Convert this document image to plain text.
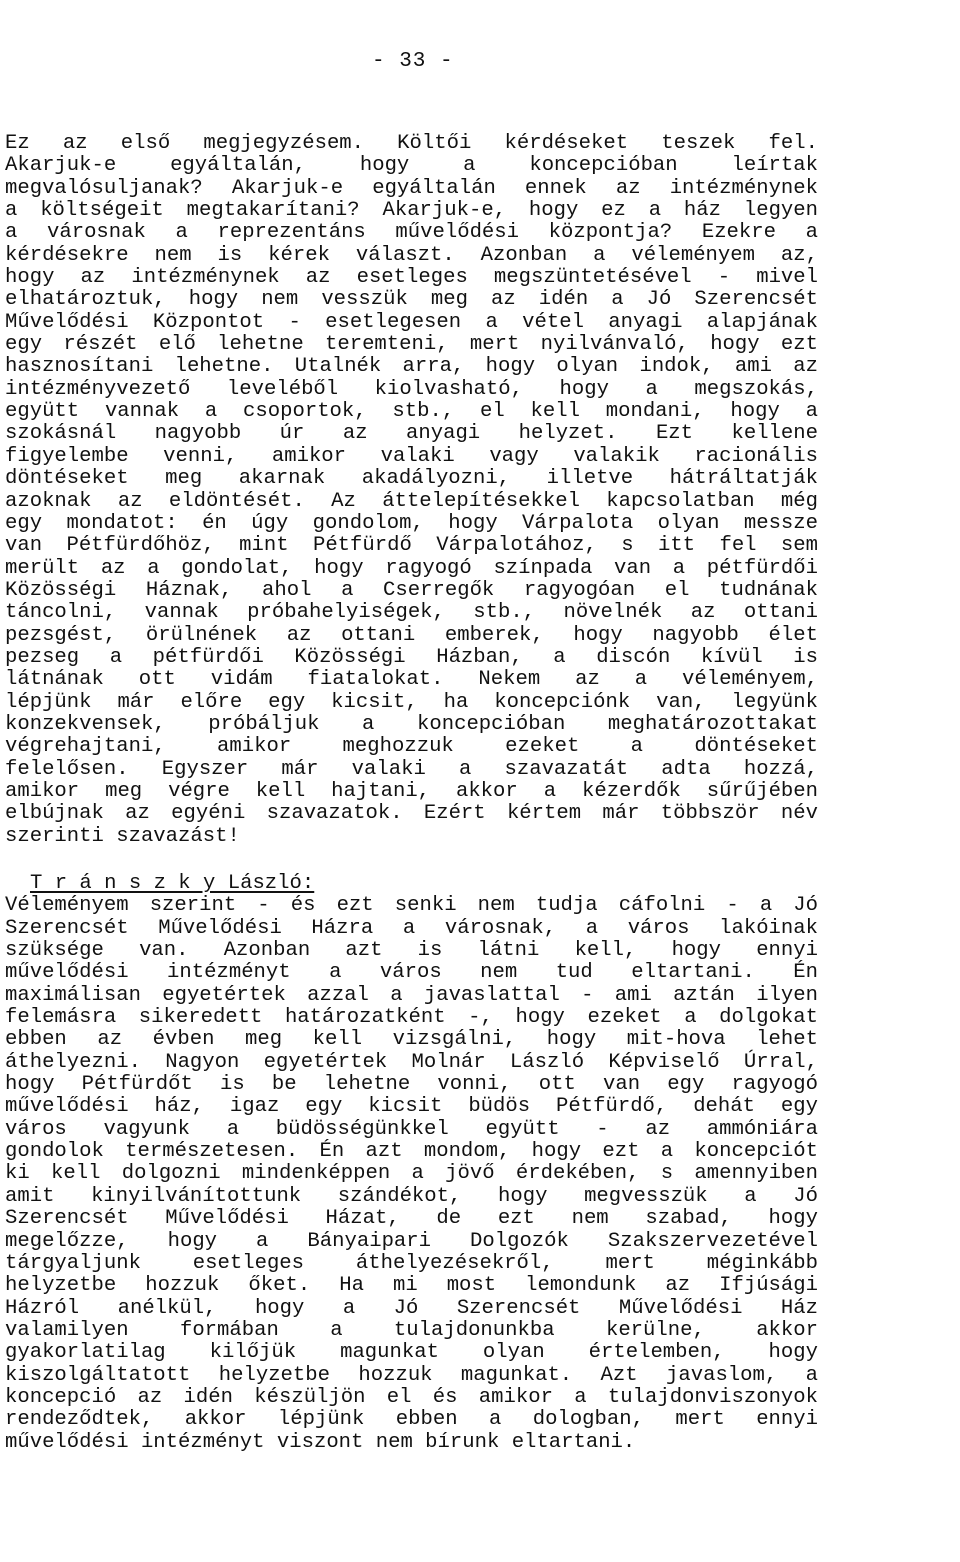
- 33 -
Ez az első megjegyzésem. Költői kérdéseket teszek fel.
Akarjuk-e egyáltalán, hogy a koncepcióban leírtak
megvalósuljanak? Akarjuk-e egyáltalán ennek az intézménynek
a költségeit megtakarítani? Akarjuk-e, hogy ez a ház legyen
a városnak a reprezentáns művelődési központja? Ezekre a
kérdésekre nem is kérek választ. Azonban a véleményem az,
hogy az intézménynek az esetleges megszüntetésével - mivel
elhatároztuk, hogy nem vesszük meg az idén a Jó Szerencsét
Művelődési Központot - esetlegesen a vétel anyagi alapjának
egy részét elő lehetne teremteni, mert nyilvánvaló, hogy ezt
hasznosítani lehetne. Utalnék arra, hogy olyan indok, ami az
intézményvezető leveléből kiolvasható, hogy a megszokás,
együtt vannak a csoportok, stb., el kell mondani, hogy a
szokásnál nagyobb úr az anyagi helyzet. Ezt kellene
figyelembe venni, amikor valaki vagy valakik racionális
döntéseket meg akarnak akadályozni, illetve hátráltatják
azoknak az eldöntését. Az áttelepítésekkel kapcsolatban még
egy mondatot: én úgy gondolom, hogy Várpalota olyan messze
van Pétfürdőhöz, mint Pétfürdő Várpalotához, s itt fel sem
merült az a gondolat, hogy ragyogó színpada van a pétfürdői
Közösségi Háznak, ahol a Cserregők ragyogóan el tudnának
táncolni, vannak próbahelyiségek, stb., növelnék az ottani
pezsgést, örülnének az ottani emberek, hogy nagyobb élet
pezseg a pétfürdői Közösségi Házban, a discón kívül is
látnának ott vidám fiatalokat. Nekem az a véleményem,
lépjünk már előre egy kicsit, ha koncepciónk van, legyünk
konzekvensek, próbáljuk a koncepcióban meghatározottakat
végrehajtani, amikor meghozzuk ezeket a döntéseket
felelősen. Egyszer már valaki a szavazatát adta hozzá,
amikor meg végre kell hajtani, akkor a kézerdők sűrűjében
elbújnak az egyéni szavazatok. Ezért kértem már többször név
szerinti szavazást!
T r á n s z k y László:
Véleményem szerint - és ezt senki nem tudja cáfolni - a Jó
Szerencsét Művelődési Házra a városnak, a város lakóinak
szüksége van. Azonban azt is látni kell, hogy ennyi
művelődési intézményt a város nem tud eltartani. Én
maximálisan egyetértek azzal a javaslattal - ami aztán ilyen
felemásra sikeredett határozatként -, hogy ezeket a dolgokat
ebben az évben meg kell vizsgálni, hogy mit-hova lehet
áthelyezni. Nagyon egyetértek Molnár László Képviselő Úrral,
hogy Pétfürdőt is be lehetne vonni, ott van egy ragyogó
művelődési ház, igaz egy kicsit büdös Pétfürdő, dehát egy
város vagyunk a büdösségünkkel együtt - az ammóniára
gondolok természetesen. Én azt mondom, hogy ezt a koncepciót
ki kell dolgozni mindenképpen a jövő érdekében, s amennyiben
amit kinyilvánítottunk szándékot, hogy megvesszük a Jó
Szerencsét Művelődési Házat, de ezt nem szabad, hogy
megelőzze, hogy a Bányaipari Dolgozók Szakszervezetével
tárgyaljunk esetleges áthelyezésekről, mert méginkább
helyzetbe hozzuk őket. Ha mi most lemondunk az Ifjúsági
Házról anélkül, hogy a Jó Szerencsét Művelődési Ház
valamilyen formában a tulajdonunkba kerülne, akkor
gyakorlatilag kilőjük magunkat olyan értelemben, hogy
kiszolgáltatott helyzetbe hozzuk magunkat. Azt javaslom, a
koncepció az idén készüljön el és amikor a tulajdonviszonyok
rendeződtek, akkor lépjünk ebben a dologban, mert ennyi
művelődési intézményt viszont nem bírunk eltartani.
